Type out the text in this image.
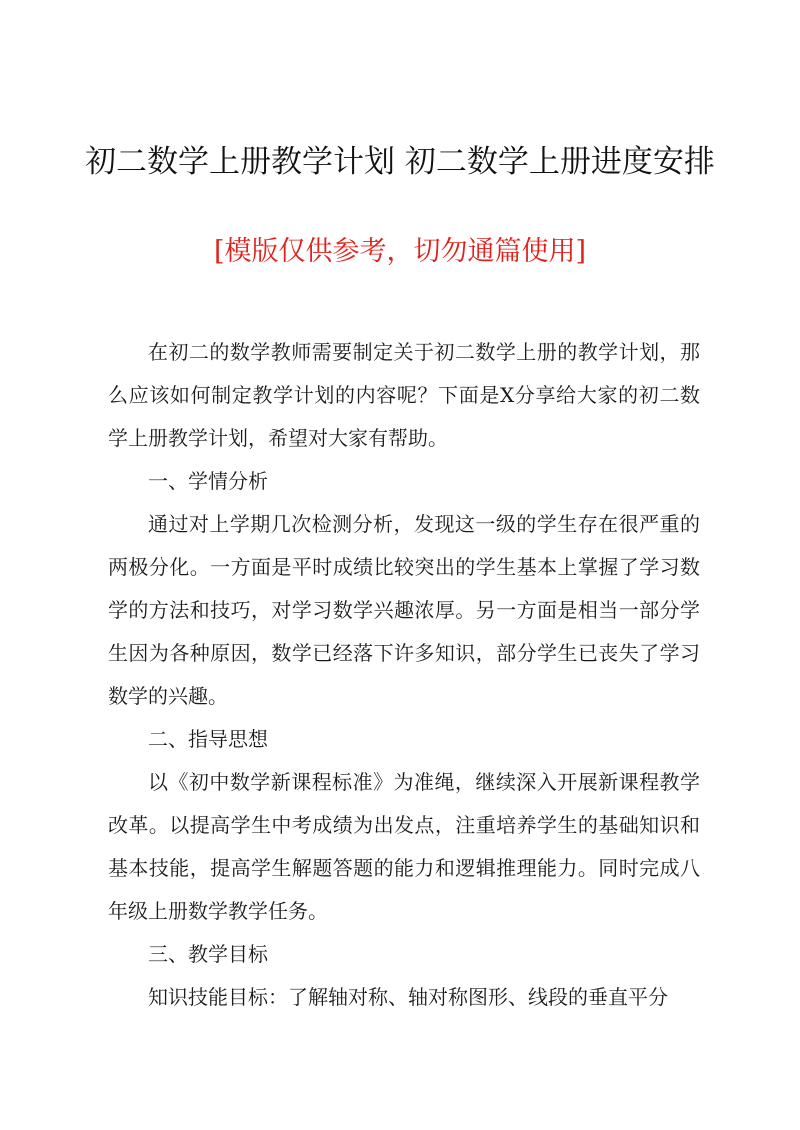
初二数学上册教学计划 初二数学上册进度安排

[模版仅供参考，切勿通篇使用]

在初二的数学教师需要制定关于初二数学上册的教学计划，那么应该如何制定教学计划的内容呢？下面是X分享给大家的初二数学上册教学计划，希望对大家有帮助。

一、学情分析

通过对上学期几次检测分析，发现这一级的学生存在很严重的两极分化。一方面是平时成绩比较突出的学生基本上掌握了学习数学的方法和技巧，对学习数学兴趣浓厚。另一方面是相当一部分学生因为各种原因，数学已经落下许多知识，部分学生已丧失了学习数学的兴趣。

二、指导思想

以《初中数学新课程标准》为准绳，继续深入开展新课程教学改革。以提高学生中考成绩为出发点，注重培养学生的基础知识和基本技能，提高学生解题答题的能力和逻辑推理能力。同时完成八年级上册数学教学任务。

三、教学目标

知识技能目标：了解轴对称、轴对称图形、线段的垂直平分
